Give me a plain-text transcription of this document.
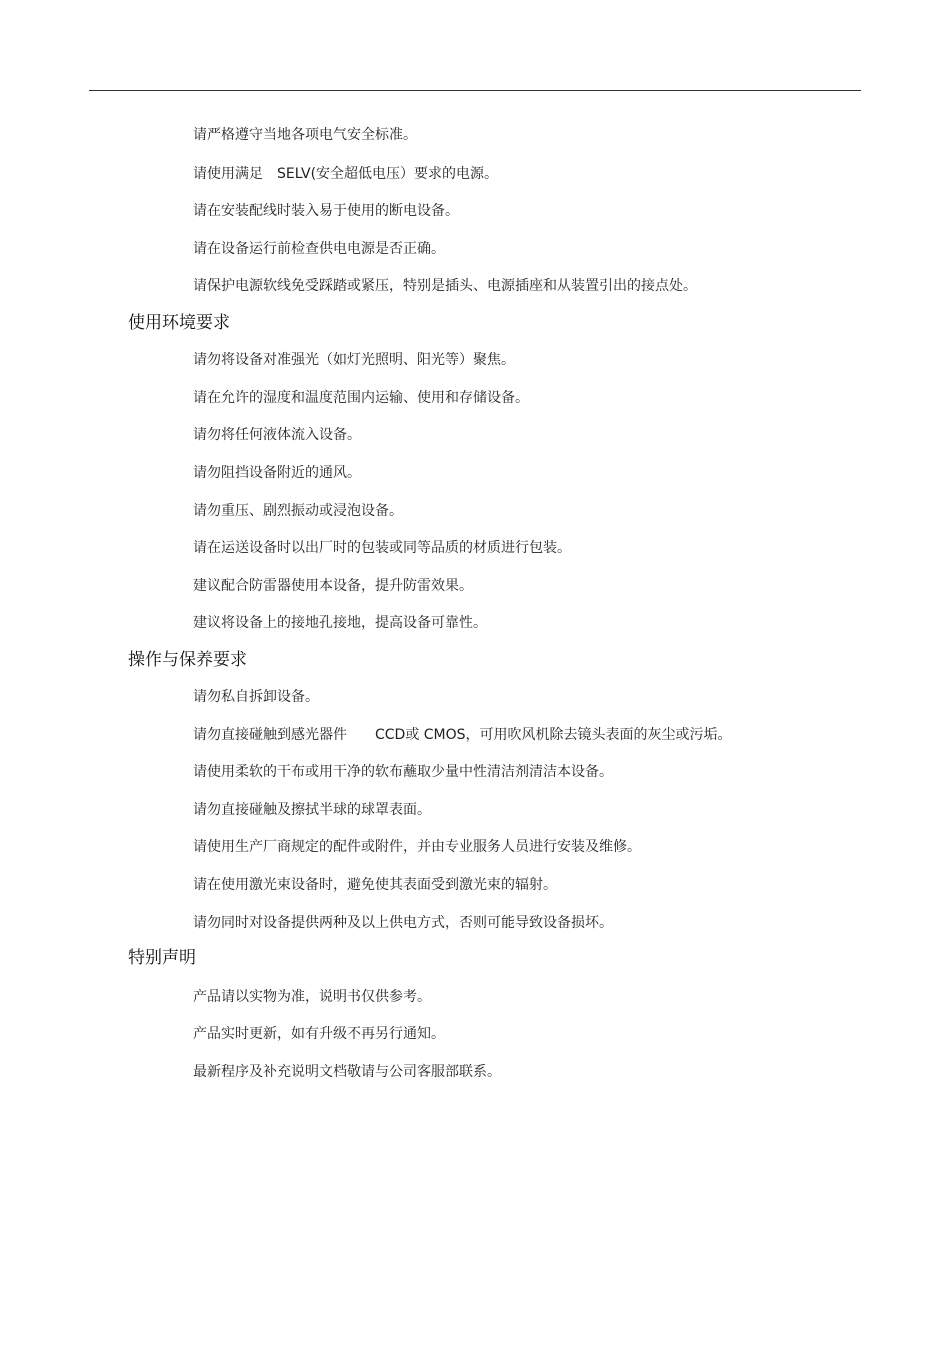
请严格遵守当地各项电气安全标准。
请使用满足　SELV(安全超低电压）要求的电源。
请在安装配线时装入易于使用的断电设备。
请在设备运行前检查供电电源是否正确。
请保护电源软线免受踩踏或紧压，特别是插头、电源插座和从装置引出的接点处。
使用环境要求
请勿将设备对准强光（如灯光照明、阳光等）聚焦。
请在允许的湿度和温度范围内运输、使用和存储设备。
请勿将任何液体流入设备。
请勿阻挡设备附近的通风。
请勿重压、剧烈振动或浸泡设备。
请在运送设备时以出厂时的包装或同等品质的材质进行包装。
建议配合防雷器使用本设备，提升防雷效果。
建议将设备上的接地孔接地，提高设备可靠性。
操作与保养要求
请勿私自拆卸设备。
请勿直接碰触到感光器件　　CCD或 CMOS，可用吹风机除去镜头表面的灰尘或污垢。
请使用柔软的干布或用干净的软布蘸取少量中性清洁剂清洁本设备。
请勿直接碰触及擦拭半球的球罩表面。
请使用生产厂商规定的配件或附件，并由专业服务人员进行安装及维修。
请在使用激光束设备时，避免使其表面受到激光束的辐射。
请勿同时对设备提供两种及以上供电方式，否则可能导致设备损坏。
特别声明
产品请以实物为准，说明书仅供参考。
产品实时更新，如有升级不再另行通知。
最新程序及补充说明文档敬请与公司客服部联系。
